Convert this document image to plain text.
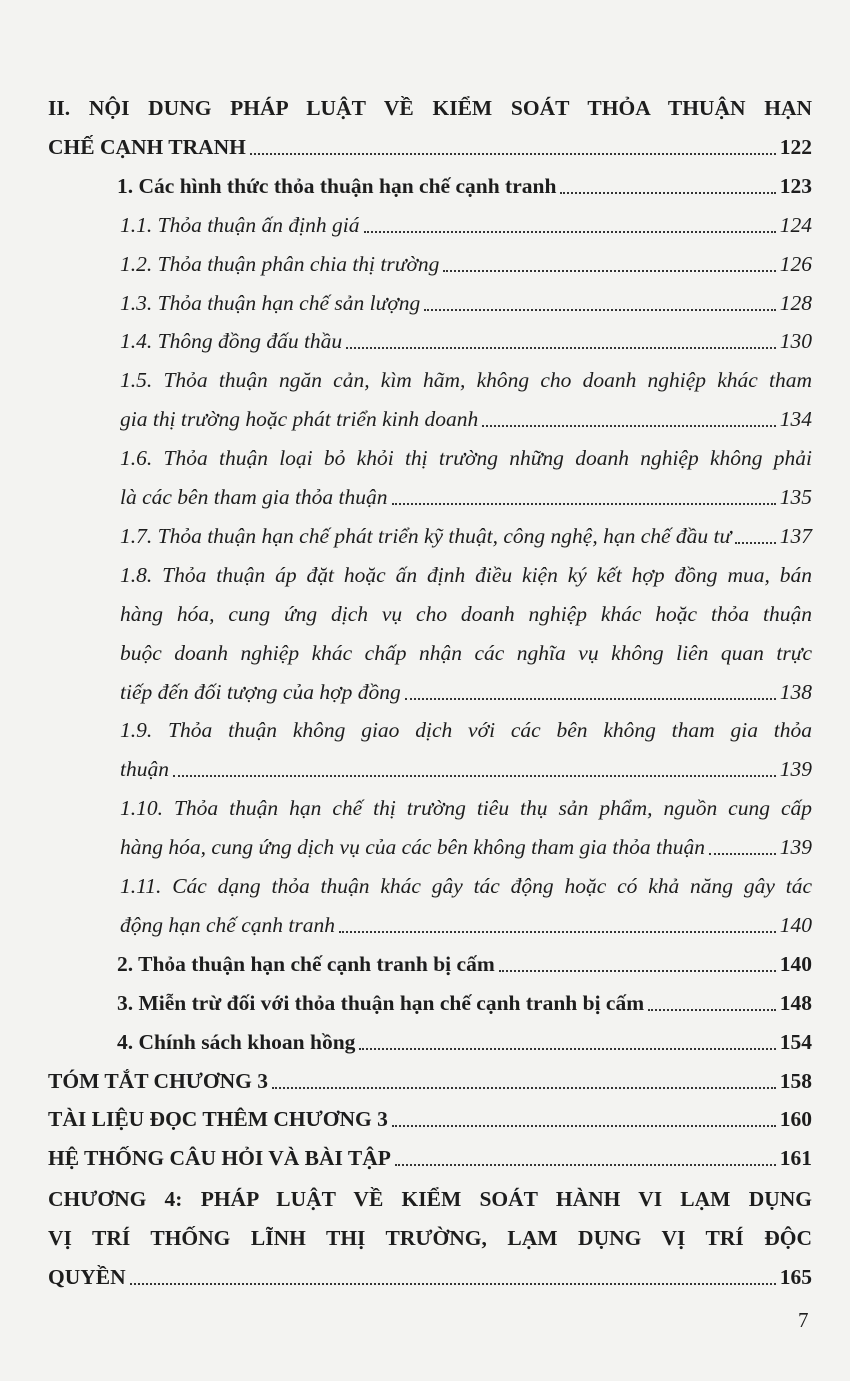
II. NỘI DUNG PHÁP LUẬT VỀ KIỂM SOÁT THỎA THUẬN HẠN
CHẾ CẠNH TRANH	122
1. Các hình thức thỏa thuận hạn chế cạnh tranh	123
1.1. Thỏa thuận ấn định giá	124
1.2. Thỏa thuận phân chia thị trường	126
1.3. Thỏa thuận hạn chế sản lượng	128
1.4. Thông đồng đấu thầu	130
1.5. Thỏa thuận ngăn cản, kìm hãm, không cho doanh nghiệp khác tham
gia thị trường hoặc phát triển kinh doanh	134
1.6. Thỏa thuận loại bỏ khỏi thị trường những doanh nghiệp không phải
là các bên tham gia thỏa thuận	135
1.7. Thỏa thuận hạn chế phát triển kỹ thuật, công nghệ, hạn chế đầu tư 137
1.8. Thỏa thuận áp đặt hoặc ấn định điều kiện ký kết hợp đồng mua, bán
hàng hóa, cung ứng dịch vụ cho doanh nghiệp khác hoặc thỏa thuận
buộc doanh nghiệp khác chấp nhận các nghĩa vụ không liên quan trực
tiếp đến đối tượng của hợp đồng	138
1.9. Thỏa thuận không giao dịch với các bên không tham gia thỏa
thuận	139
1.10. Thỏa thuận hạn chế thị trường tiêu thụ sản phẩm, nguồn cung cấp
hàng hóa, cung ứng dịch vụ của các bên không tham gia thỏa thuận	139
1.11. Các dạng thỏa thuận khác gây tác động hoặc có khả năng gây tác
động hạn chế cạnh tranh	140
2. Thỏa thuận hạn chế cạnh tranh bị cấm	140
3. Miễn trừ đối với thỏa thuận hạn chế cạnh tranh bị cấm	148
4. Chính sách khoan hồng	154
TÓM TẮT CHƯƠNG 3	158
TÀI LIỆU ĐỌC THÊM CHƯƠNG 3	160
HỆ THỐNG CÂU HỎI VÀ BÀI TẬP	161
CHƯƠNG 4: PHÁP LUẬT VỀ KIỂM SOÁT HÀNH VI LẠM DỤNG
VỊ TRÍ THỐNG LĨNH THỊ TRƯỜNG, LẠM DỤNG VỊ TRÍ ĐỘC
QUYỀN	165
7
